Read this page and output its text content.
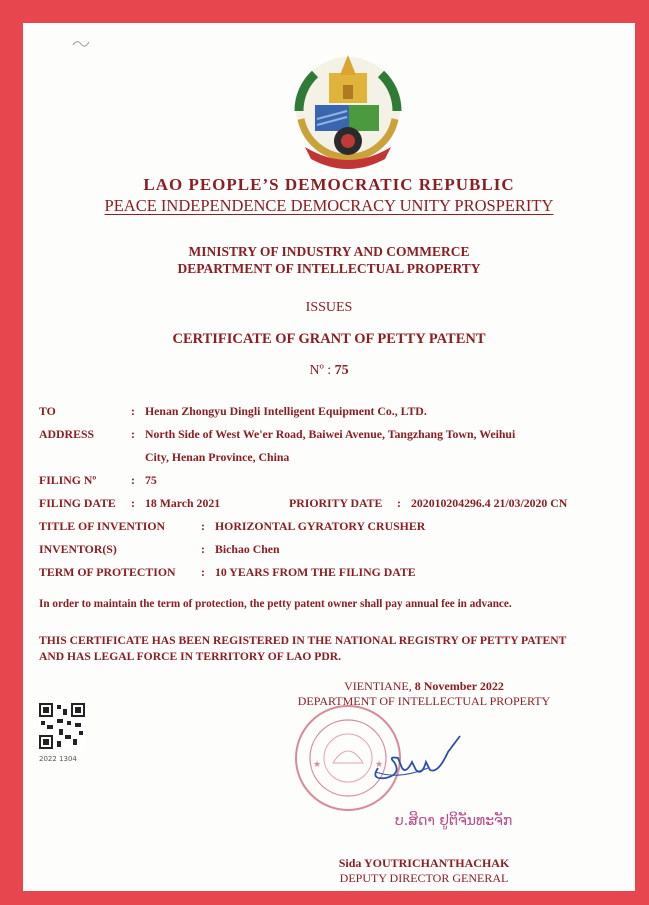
LAO PEOPLE’S DEMOCRATIC REPUBLIC
PEACE INDEPENDENCE DEMOCRACY UNITY PROSPERITY
MINISTRY OF INDUSTRY AND COMMERCE
DEPARTMENT OF INTELLECTUAL PROPERTY
ISSUES
CERTIFICATE OF GRANT OF PETTY PATENT
Nº : 75
TO	: Henan Zhongyu Dingli Intelligent Equipment Co., LTD.
ADDRESS	: North Side of West We'er Road, Baiwei Avenue, Tangzhang Town, Weihui
City, Henan Province, China
FILING Nº	: 75
FILING DATE : 18 March 2021	PRIORITY DATE : 202010204296.4 21/03/2020 CN
TITLE OF INVENTION	: HORIZONTAL GYRATORY CRUSHER
INVENTOR(S)	: Bichao Chen
TERM OF PROTECTION : 10 YEARS FROM THE FILING DATE
In order to maintain the term of protection, the petty patent owner shall pay annual fee in advance.
THIS CERTIFICATE HAS BEEN REGISTERED IN THE NATIONAL REGISTRY OF PETTY PATENT
AND HAS LEGAL FORCE IN TERRITORY OF LAO PDR.
VIENTIANE, 8 November 2022
DEPARTMENT OF INTELLECTUAL PROPERTY
2022 1304
★	★
ບ.ສິດາ ຢູຕິຈັນທະຈັກ
Sida YOUTRICHANTHACHAK
DEPUTY DIRECTOR GENERAL
